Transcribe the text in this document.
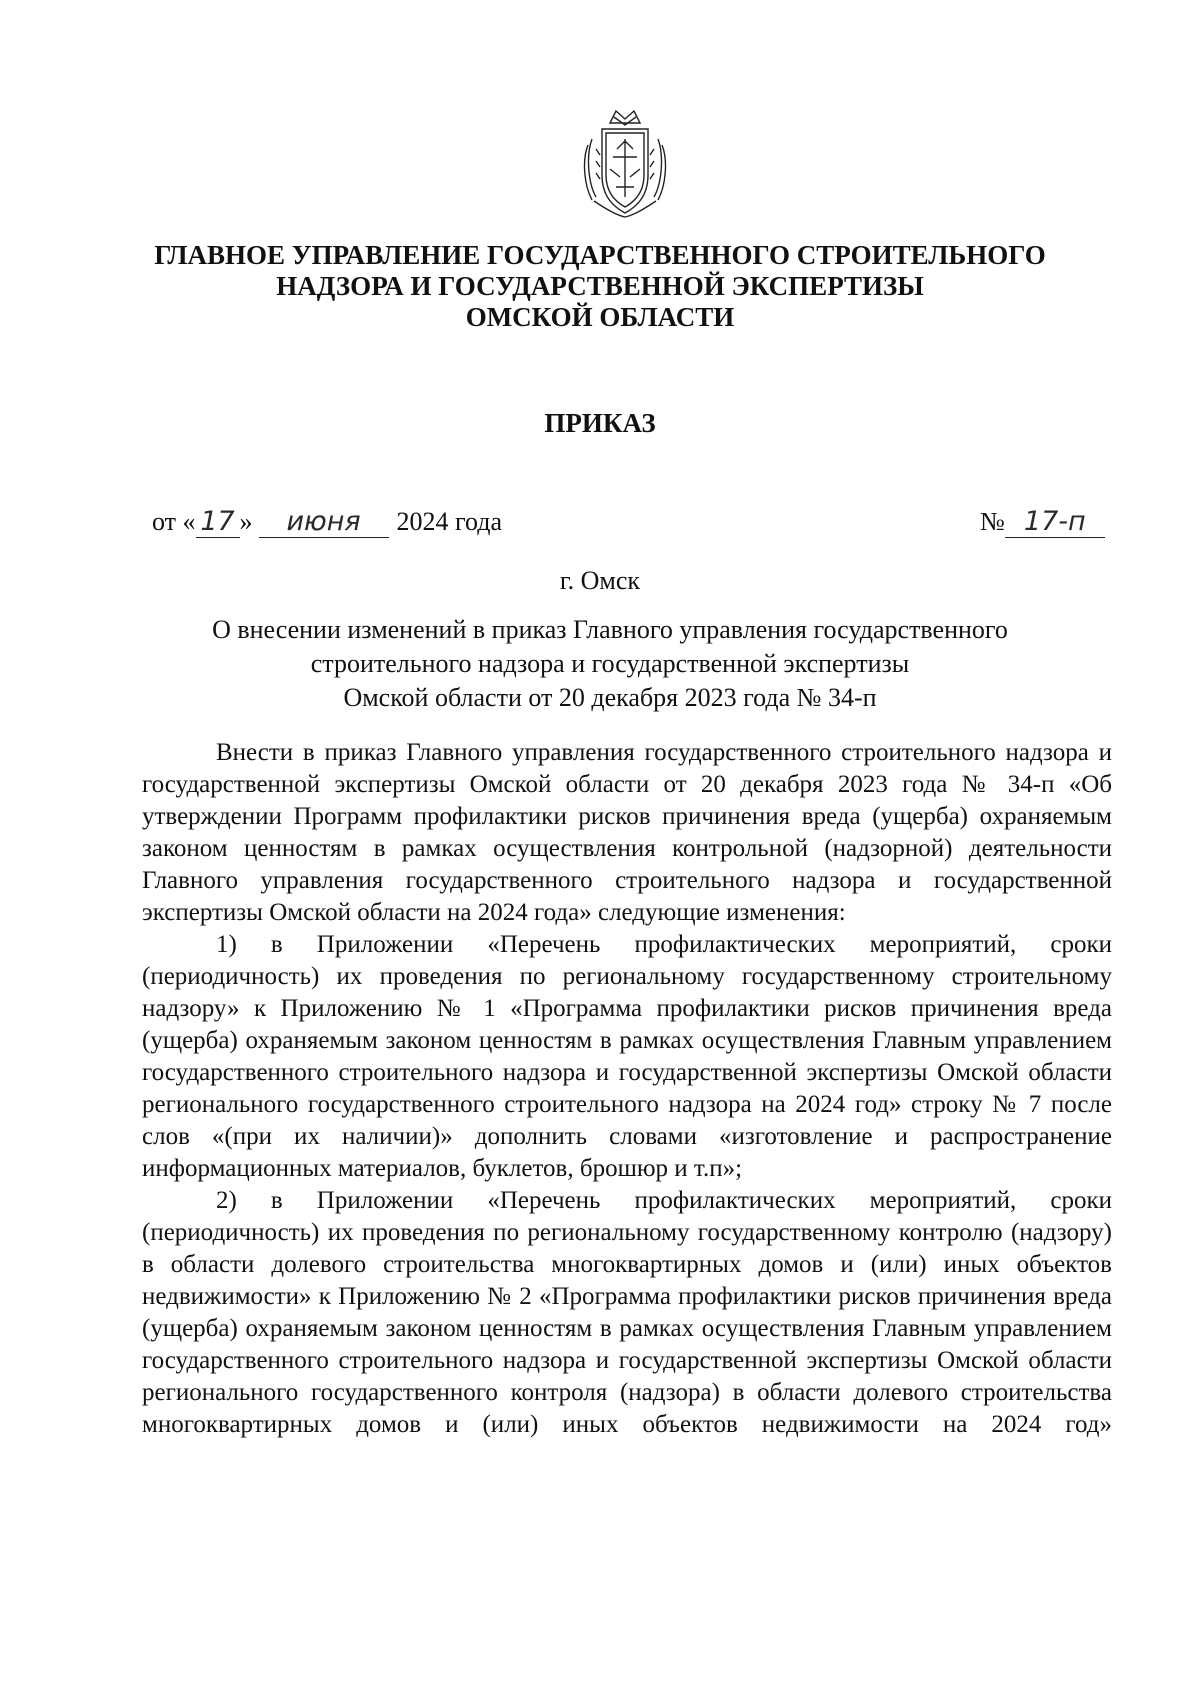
ГЛАВНОЕ УПРАВЛЕНИЕ ГОСУДАРСТВЕННОГО СТРОИТЕЛЬНОГО
НАДЗОРА И ГОСУДАРСТВЕННОЙ ЭКСПЕРТИЗЫ
ОМСКОЙ ОБЛАСТИ
ПРИКАЗ
от « 17 » июня 2024 года	№ 17-п
г. Омск
О внесении изменений в приказ Главного управления государственного
строительного надзора и государственной экспертизы
Омской области от 20 декабря 2023 года № 34-п

Внести в приказ Главного управления государственного строительного надзора и государственной экспертизы Омской области от 20 декабря 2023 года № 34-п «Об утверждении Программ профилактики рисков причинения вреда (ущерба) охраняемым законом ценностям в рамках осуществления контрольной (надзорной) деятельности Главного управления государственного строительного надзора и государственной экспертизы Омской области на 2024 года» следующие изменения:

1) в Приложении «Перечень профилактических мероприятий, сроки (периодичность) их проведения по региональному государственному строительному надзору» к Приложению № 1 «Программа профилактики рисков причинения вреда (ущерба) охраняемым законом ценностям в рамках осуществления Главным управлением государственного строительного надзора и государственной экспертизы Омской области регионального государственного строительного надзора на 2024 год» строку № 7 после слов «(при их наличии)» дополнить словами «изготовление и распространение информационных материалов, буклетов, брошюр и т.п»;

2) в Приложении «Перечень профилактических мероприятий, сроки (периодичность) их проведения по региональному государственному контролю (надзору) в области долевого строительства многоквартирных домов и (или) иных объектов недвижимости» к Приложению № 2 «Программа профилактики рисков причинения вреда (ущерба) охраняемым законом ценностям в рамках осуществления Главным управлением государственного строительного надзора и государственной экспертизы Омской области регионального государственного контроля (надзора) в области долевого строительства многоквартирных домов и (или) иных объектов недвижимости на 2024 год»
